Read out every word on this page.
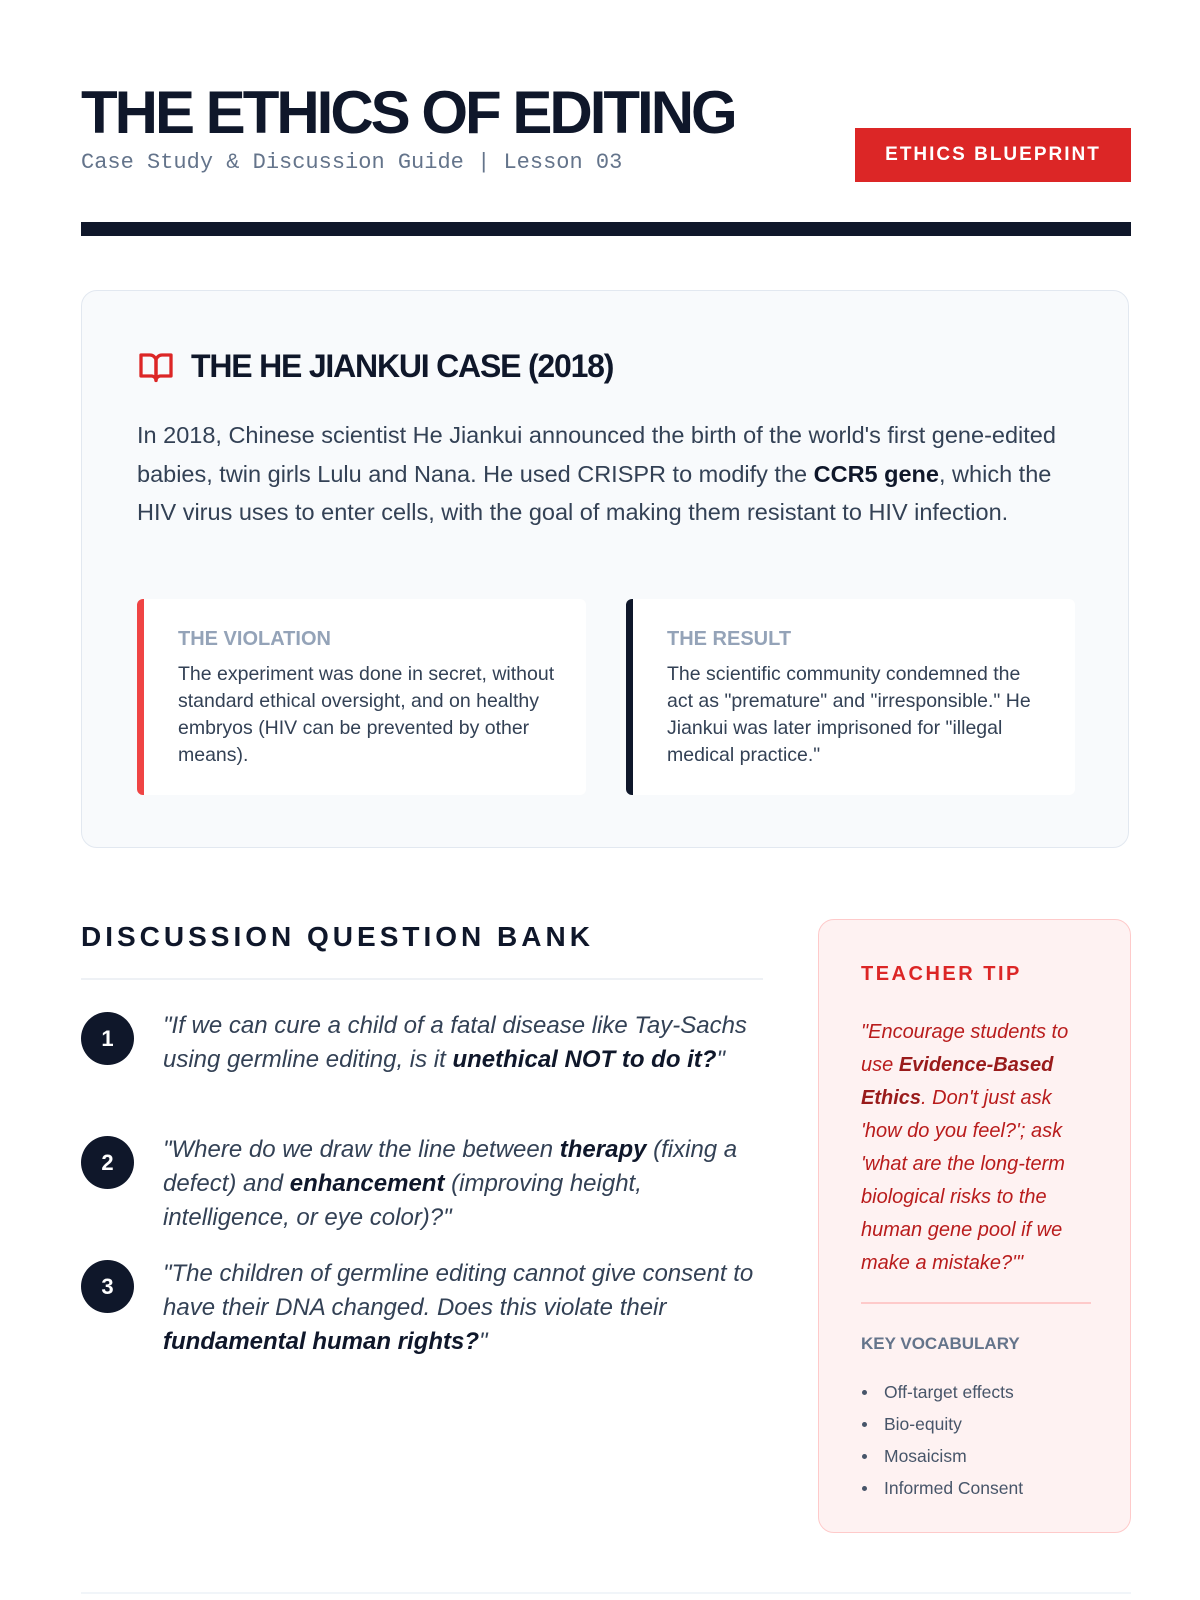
THE ETHICS OF EDITING
Case Study & Discussion Guide | Lesson 03	ETHICS BLUEPRINT
THE HE JIANKUI CASE (2018)

In 2018, Chinese scientist He Jiankui announced the birth of the world's first gene-edited babies, twin girls Lulu and Nana. He used CRISPR to modify the CCR5 gene, which the HIV virus uses to enter cells, with the goal of making them resistant to HIV infection.

THE VIOLATION

The experiment was done in secret, without standard ethical oversight, and on healthy embryos (HIV can be prevented by other means).

THE RESULT

The scientific community condemned the act as "premature" and "irresponsible." He Jiankui was later imprisoned for "illegal medical practice."

DISCUSSION QUESTION BANK
1	"If we can cure a child of a fatal disease like Tay-Sachs using germline editing, is it unethical NOT to do it?"

2	"Where do we draw the line between therapy (fixing a defect) and enhancement (improving height, intelligence, or eye color)?"

3	"The children of germline editing cannot give consent to have their DNA changed. Does this violate their fundamental human rights?"

TEACHER TIP

"Encourage students to use Evidence-Based Ethics. Don't just ask 'how do you feel?'; ask 'what are the long-term biological risks to the human gene pool if we make a mistake?'"

KEY VOCABULARY
Off-target effects
Bio-equity
Mosaicism
Informed Consent
